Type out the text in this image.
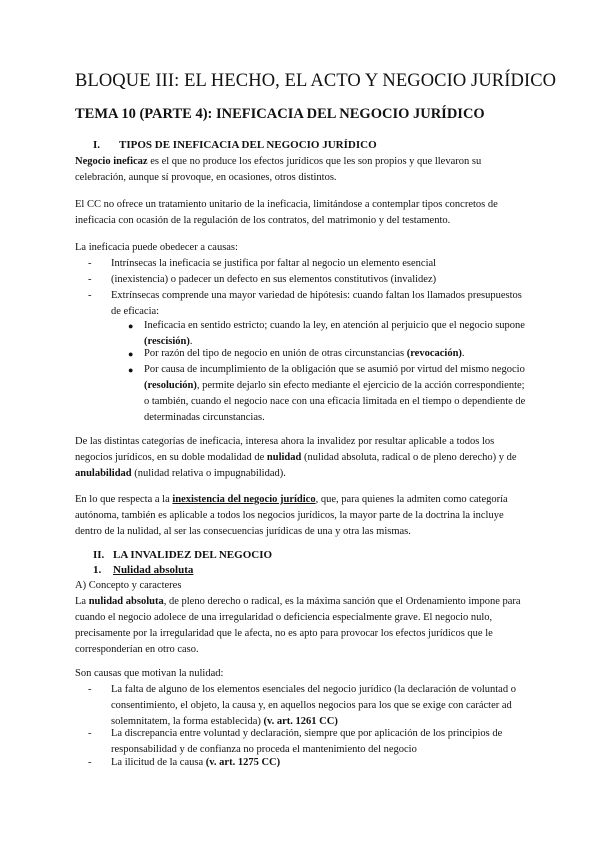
BLOQUE III: EL HECHO, EL ACTO Y NEGOCIO JURÍDICO
TEMA 10 (PARTE 4): INEFICACIA DEL NEGOCIO JURÍDICO
I. TIPOS DE INEFICACIA DEL NEGOCIO JURÍDICO

Negocio ineficaz es el que no produce los efectos jurídicos que les son propios y que llevaron su celebración, aunque sí provoque, en ocasiones, otros distintos.

El CC no ofrece un tratamiento unitario de la ineficacia, limitándose a contemplar tipos concretos de ineficacia con ocasión de la regulación de los contratos, del matrimonio y del testamento.

La ineficacia puede obedecer a causas:

- Intrínsecas la ineficacia se justifica por faltar al negocio un elemento esencial
- (inexistencia) o padecer un defecto en sus elementos constitutivos (invalidez)
- Extrínsecas comprende una mayor variedad de hipótesis: cuando faltan los llamados presupuestos de eficacia:
● Ineficacia en sentido estricto; cuando la ley, en atención al perjuicio que el negocio supone (rescisión).
● Por razón del tipo de negocio en unión de otras circunstancias (revocación).
● Por causa de incumplimiento de la obligación que se asumió por virtud del mismo negocio (resolución), permite dejarlo sin efecto mediante el ejercicio de la acción correspondiente; o también, cuando el negocio nace con una eficacia limitada en el tiempo o dependiente de determinadas circunstancias.

De las distintas categorías de ineficacia, interesa ahora la invalidez por resultar aplicable a todos los negocios jurídicos, en su doble modalidad de nulidad (nulidad absoluta, radical o de pleno derecho) y de anulabilidad (nulidad relativa o impugnabilidad).

En lo que respecta a la inexistencia del negocio jurídico, que, para quienes la admiten como categoría autónoma, también es aplicable a todos los negocios jurídicos, la mayor parte de la doctrina la incluye dentro de la nulidad, al ser las consecuencias jurídicas de una y otra las mismas.

II. LA INVALIDEZ DEL NEGOCIO
1. Nulidad absoluta

A) Concepto y caracteres

La nulidad absoluta, de pleno derecho o radical, es la máxima sanción que el Ordenamiento impone para cuando el negocio adolece de una irregularidad o deficiencia especialmente grave. El negocio nulo, precisamente por la irregularidad que le afecta, no es apto para provocar los efectos jurídicos que le corresponderían en otro caso.

Son causas que motivan la nulidad:

- La falta de alguno de los elementos esenciales del negocio jurídico (la declaración de voluntad o consentimiento, el objeto, la causa y, en aquellos negocios para los que se exige con carácter ad solemnitatem, la forma establecida) (v. art. 1261 CC)
- La discrepancia entre voluntad y declaración, siempre que por aplicación de los principios de responsabilidad y de confianza no proceda el mantenimiento del negocio
- La ilicitud de la causa (v. art. 1275 CC)
